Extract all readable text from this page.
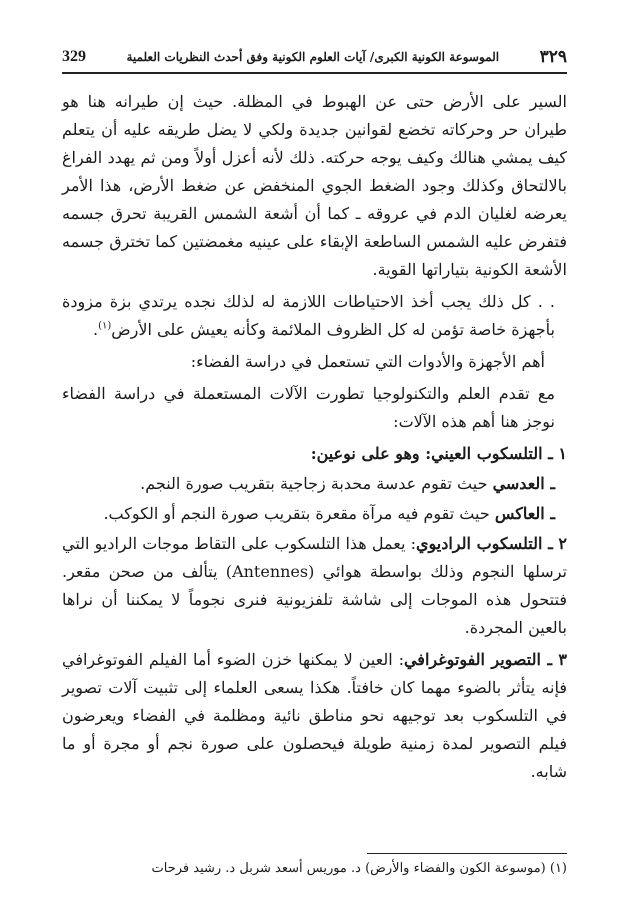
329	الموسوعة الكونية الكبرى/ آيات العلوم الكونية وفق أحدث النظريات العلمية ٣٢٩

السير على الأرض حتى عن الهبوط في المظلة. حيث إن طيرانه هنا هو طيران حر وحركاته تخضع لقوانين جديدة ولكي لا يضل طريقه عليه أن يتعلم كيف يمشي هنالك وكيف يوجه حركته. ذلك لأنه أعزل أولاً ومن ثم يهدد الفراغ بالالتحاق وكذلك وجود الضغط الجوي المنخفض عن ضغط الأرض، هذا الأمر يعرضه لغليان الدم في عروقه ـ كما أن أشعة الشمس القريبة تحرق جسمه فتفرض عليه الشمس الساطعة الإبقاء على عينيه مغمضتين كما تخترق جسمه الأشعة الكونية بتياراتها القوية.

. . كل ذلك يجب أخذ الاحتياطات اللازمة له لذلك نجده يرتدي بزة مزودة بأجهزة خاصة تؤمن له كل الظروف الملائمة وكأنه يعيش على الأرض$^{(١)}$.

أهم الأجهزة والأدوات التي تستعمل في دراسة الفضاء:

مع تقدم العلم والتكنولوجيا تطورت الآلات المستعملة في دراسة الفضاء نوجز هنا أهم هذه الآلات:

١ ـ التلسكوب العيني: وهو على نوعين:

ـ العدسي حيث تقوم عدسة محدبة زجاجية بتقريب صورة النجم.

ـ العاكس حيث تقوم فيه مرآة مقعرة بتقريب صورة النجم أو الكوكب.

٢ ـ التلسكوب الراديوي: يعمل هذا التلسكوب على التقاط موجات الراديو التي ترسلها النجوم وذلك بواسطة هوائي (Antennes) يتألف من صحن مقعر. فتتحول هذه الموجات إلى شاشة تلفزيونية فنرى نجوماً لا يمكننا أن نراها بالعين المجردة.

٣ ـ التصوير الفوتوغرافي: العين لا يمكنها خزن الضوء أما الفيلم الفوتوغرافي فإنه يتأثر بالضوء مهما كان خافتاً. هكذا يسعى العلماء إلى تثبيت آلات تصوير في التلسكوب بعد توجيهه نحو مناطق نائية ومظلمة في الفضاء ويعرضون فيلم التصوير لمدة زمنية طويلة فيحصلون على صورة نجم أو مجرة أو ما شابه.

(١) (موسوعة الكون والفضاء والأرض) د. موريس أسعد شربل د. رشيد فرحات
